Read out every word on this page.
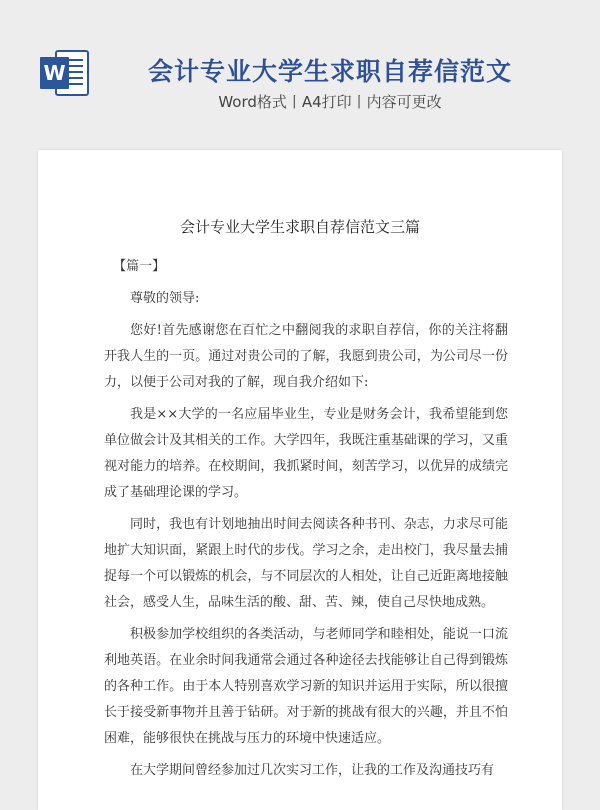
W	会计专业大学生求职自荐信范文
Word格式丨A4打印丨内容可更改
会计专业大学生求职自荐信范文三篇

【篇一】

尊敬的领导:

您好!首先感谢您在百忙之中翻阅我的求职自荐信，你的关注将翻开我人生的一页。通过对贵公司的了解，我愿到贵公司，为公司尽一份力，以便于公司对我的了解，现自我介绍如下:

我是××大学的一名应届毕业生，专业是财务会计，我希望能到您单位做会计及其相关的工作。大学四年，我既注重基础课的学习，又重视对能力的培养。在校期间，我抓紧时间，刻苦学习，以优异的成绩完成了基础理论课的学习。

同时，我也有计划地抽出时间去阅读各种书刊、杂志，力求尽可能地扩大知识面，紧跟上时代的步伐。学习之余，走出校门，我尽量去捕捉每一个可以锻炼的机会，与不同层次的人相处，让自己近距离地接触社会，感受人生，品味生活的酸、甜、苦、辣，使自己尽快地成熟。

积极参加学校组织的各类活动，与老师同学和睦相处，能说一口流利地英语。在业余时间我通常会通过各种途径去找能够让自己得到锻炼的各种工作。由于本人特别喜欢学习新的知识并运用于实际，所以很擅长于接受新事物并且善于钻研。对于新的挑战有很大的兴趣，并且不怕困难，能够很快在挑战与压力的环境中快速适应。

在大学期间曾经参加过几次实习工作，让我的工作及沟通技巧有
